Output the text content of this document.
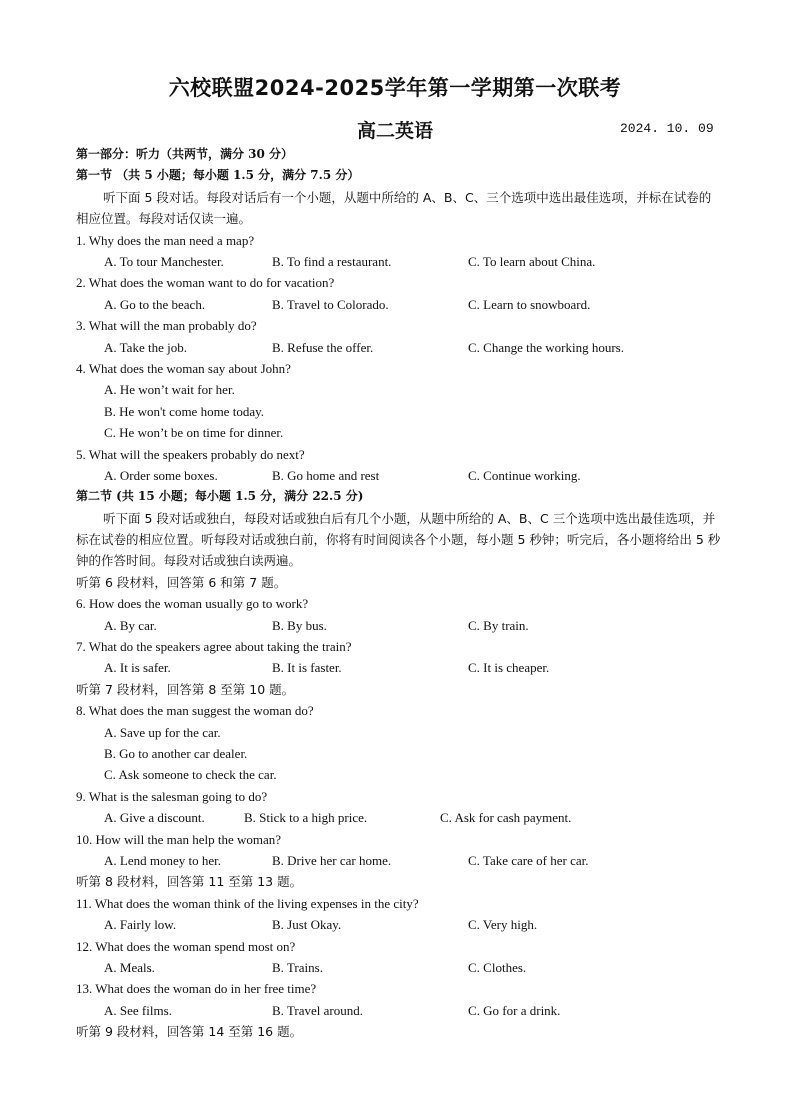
六校联盟2024-2025学年第一学期第一次联考
高二英语	2024. 10. 09
第一部分：听力（共两节，满分 30 分）
第一节 （共 5 小题；每小题 1.5 分，满分 7.5 分）
听下面 5 段对话。每段对话后有一个小题，从题中所给的 A、B、C、三个选项中选出最佳选项，并标在试卷的相应位置。每段对话仅读一遍。
1. Why does the man need a map?
A. To tour Manchester.	B. To find a restaurant.	C. To learn about China.
2. What does the woman want to do for vacation?
A. Go to the beach.	B. Travel to Colorado.	C. Learn to snowboard.
3. What will the man probably do?
A. Take the job.	B. Refuse the offer.	C. Change the working hours.
4. What does the woman say about John?
A. He won’t wait for her.
B. He won't come home today.
C. He won’t be on time for dinner.
5. What will the speakers probably do next?
A. Order some boxes.	B. Go home and rest	C. Continue working.
第二节 (共 15 小题；每小题 1.5 分，满分 22.5 分)
听下面 5 段对话或独白，每段对话或独白后有几个小题，从题中所给的 A、B、C 三个选项中选出最佳选项，并标在试卷的相应位置。听每段对话或独白前，你将有时间阅读各个小题，每小题 5 秒钟；听完后，各小题将给出 5 秒钟的作答时间。每段对话或独白读两遍。
听第 6 段材料，回答第 6 和第 7 题。
6. How does the woman usually go to work?
A. By car.	B. By bus.	C. By train.
7. What do the speakers agree about taking the train?
A. It is safer.	B. It is faster.	C. It is cheaper.
听第 7 段材料，回答第 8 至第 10 题。
8. What does the man suggest the woman do?
A. Save up for the car.
B. Go to another car dealer.
C. Ask someone to check the car.
9. What is the salesman going to do?
A. Give a discount.	B. Stick to a high price.	C. Ask for cash payment.
10. How will the man help the woman?
A. Lend money to her.	B. Drive her car home.	C. Take care of her car.
听第 8 段材料，回答第 11 至第 13 题。
11. What does the woman think of the living expenses in the city?
A. Fairly low.	B. Just Okay.	C. Very high.
12. What does the woman spend most on?
A. Meals.	B. Trains.	C. Clothes.
13. What does the woman do in her free time?
A. See films.	B. Travel around.	C. Go for a drink.
听第 9 段材料，回答第 14 至第 16 题。
